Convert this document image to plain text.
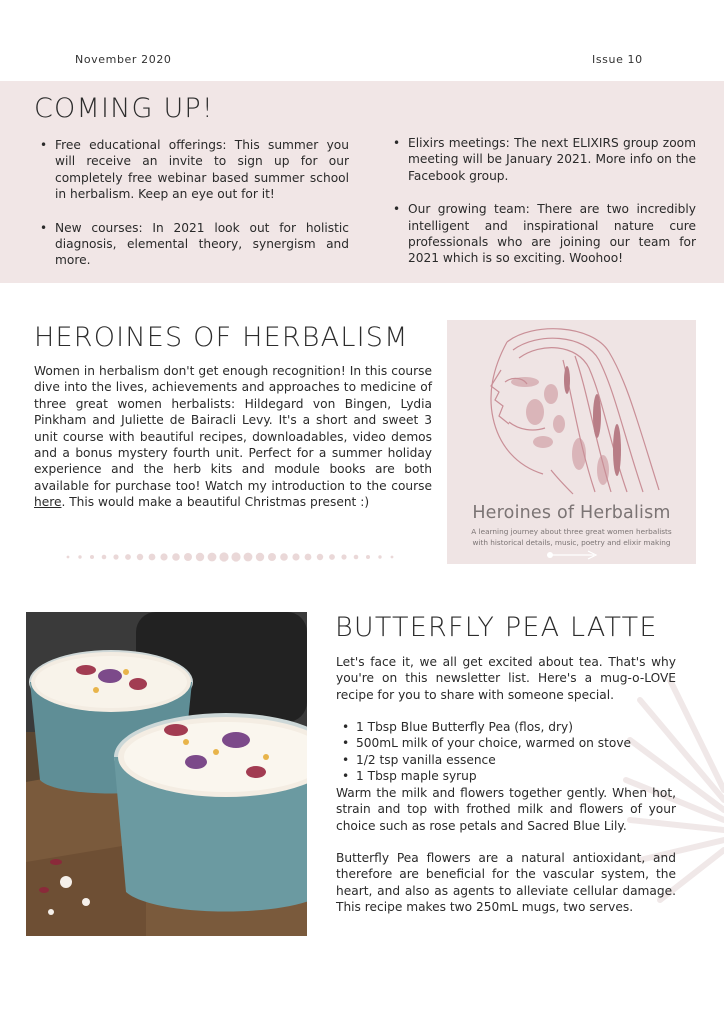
November 2020	Issue 10
COMING UP!
• Free educational offerings: This summer you will receive an invite to sign up for our completely free webinar based summer school in herbalism. Keep an eye out for it!
• New courses: In 2021 look out for holistic diagnosis, elemental theory, synergism and more.
• Elixirs meetings: The next ELIXIRS group zoom meeting will be January 2021. More info on the Facebook group.
• Our growing team: There are two incredibly intelligent and inspirational nature cure professionals who are joining our team for 2021 which is so exciting. Woohoo!
HEROINES OF HERBALISM

Women in herbalism don't get enough recognition! In this course dive into the lives, achievements and approaches to medicine of three great women herbalists: Hildegard von Bingen, Lydia Pinkham and Juliette de Bairacli Levy. It's a short and sweet 3 unit course with beautiful recipes, downloadables, video demos and a bonus mystery fourth unit. Perfect for a summer holiday experience and the herb kits and module books are both available for purchase too! Watch my introduction to the course here. This would make a beautiful Christmas present :)

Heroines of Herbalism
A learning journey about three great women herbalists
with historical details, music, poetry and elixir making
BUTTERFLY PEA LATTE

Let's face it, we all get excited about tea. That's why you're on this newsletter list. Here's a mug-o-LOVE recipe for you to share with someone special.

• 1 Tbsp Blue Butterfly Pea (flos, dry)
• 500mL milk of your choice, warmed on stove
• 1/2 tsp vanilla essence
• 1 Tbsp maple syrup

Warm the milk and flowers together gently. When hot, strain and top with frothed milk and flowers of your choice such as rose petals and Sacred Blue Lily.

Butterfly Pea flowers are a natural antioxidant, and therefore are beneficial for the vascular system, the heart, and also as agents to alleviate cellular damage. This recipe makes two 250mL mugs, two serves.
